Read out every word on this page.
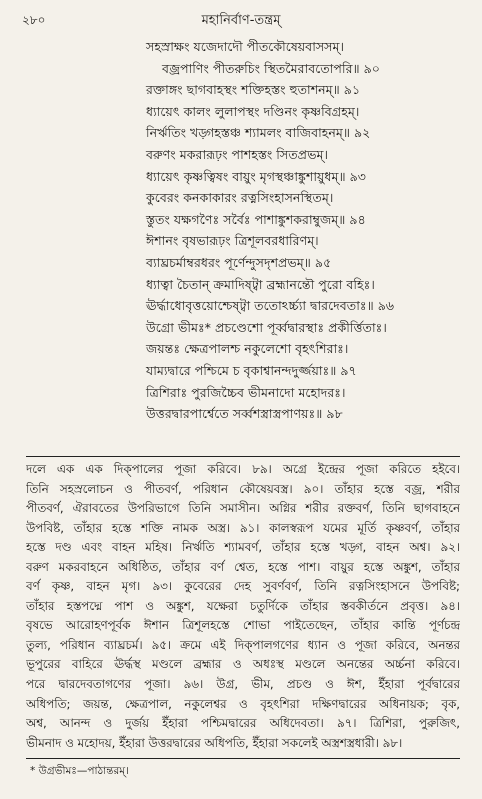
২৮০	মহানির্বাণ-তন্ত্রম্
সহস্রাক্ষং যজেদাদৌ পীতকৌষেয়বাসসম্।
বজ্রপাণিং পীতরুচিং স্থিতমৈরাবতোপরি॥ ৯০
রক্তাঙ্গং ছাগবাহস্থং শক্তিহস্তং হুতাশনম্॥ ৯১
ধ্যায়েৎ কালং লুলাপস্থং দণ্ডিনং কৃষ্ণবিগ্রহম্।
নির্ঋতিং খড়্গহস্তঞ্চ শ্যামলং বাজিবাহনম্॥ ৯২
বরুণং মকরারূঢ়ং পাশহস্তং সিতপ্রভম্।
ধ্যায়েৎ কৃষ্ণত্বিষং বায়ুং মৃগস্থঞ্চাঙ্কুশায়ুধম্॥ ৯৩
কুবেরং কনকাকারং রত্নসিংহাসনস্থিতম্।
স্তুতং যক্ষগণৈঃ সর্বৈঃ পাশাঙ্কুশকরাম্বুজম্॥ ৯৪
ঈশানং বৃষভারূঢ়ং ত্রিশূলবরধারিণম্।
ব্যাঘ্রচর্মাম্বরধরং পূর্ণেন্দুসদৃশপ্রভম্॥ ৯৫
ধ্যাত্বা চৈতান্ ক্রমাদিষ্ট্বা ব্রহ্মানন্তৌ পুরো বহিঃ।
ঊর্দ্ধাধোবৃত্তয়োশ্চেষ্ট্বা ততোঽর্চ্চ্যা দ্বারদেবতাঃ॥ ৯৬
উগ্রো ভীমঃ* প্রচণ্ডেশো পূর্ব্বদ্বারস্থাঃ প্রকীর্ত্তিতাঃ।
জয়ন্তঃ ক্ষেত্রপালশ্চ নকুলেশো বৃহৎশিরাঃ।
যাম্যদ্বারে পশ্চিমে চ বৃকাশ্বানন্দদুর্জ্জয়াঃ॥ ৯৭
ত্রিশিরাঃ পুরজিচ্চৈব ভীমনাদো মহোদরঃ।
উত্তরদ্বারপার্শ্বেতে সর্ব্বশস্ত্রাস্ত্রপাণয়ঃ॥ ৯৮
দলে এক এক দিক্‌পালের পূজা করিবে। ৮৯। অগ্রে ইন্দ্রের পূজা করিতে হইবে।
তিনি সহস্রলোচন ও পীতবর্ণ, পরিধান কৌষেয়বস্ত্র। ৯০। তাঁহার হস্তে বজ্র, শরীর
পীতবর্ণ, ঐরাবতের উপরিভাগে তিনি সমাসীন। অগ্নির শরীর রক্তবর্ণ, তিনি ছাগবাহনে
উপবিষ্ট, তাঁহার হস্তে শক্তি নামক অস্ত্র। ৯১। কালস্বরূপ যমের মূর্তি কৃষ্ণবর্ণ, তাঁহার
হস্তে দণ্ড এবং বাহন মহিষ। নির্ঋতি শ্যামবর্ণ, তাঁহার হস্তে খড়্গ, বাহন অশ্ব। ৯২।
বরুণ মকরবাহনে অধিষ্ঠিত, তাঁহার বর্ণ শ্বেত, হস্তে পাশ। বায়ুর হস্তে অঙ্কুশ, তাঁহার
বর্ণ কৃষ্ণ, বাহন মৃগ। ৯৩। কুবেরের দেহ সুবর্ণবর্ণ, তিনি রত্নসিংহাসনে উপবিষ্ট;
তাঁহার হস্তপদ্মে পাশ ও অঙ্কুশ, যক্ষেরা চতুর্দিকে তাঁহার স্তবকীর্তনে প্রবৃত্ত। ৯৪।
বৃষভে আরোহণপূর্বক ঈশান ত্রিশূলহস্তে শোভা পাইতেছেন, তাঁহার কান্তি পূর্ণচন্দ্র
তুল্য, পরিধান ব্যাঘ্রচর্ম। ৯৫। ক্রমে এই দিক্‌পালগণের ধ্যান ও পূজা করিবে, অনন্তর
ভূপুরের বাহিরে ঊর্দ্ধস্থ মণ্ডলে ব্রহ্মার ও অধঃস্থ মণ্ডলে অনন্তের অর্চ্চনা করিবে।
পরে দ্বারদেবতাগণের পূজা। ৯৬। উগ্র, ভীম, প্রচণ্ড ও ঈশ, ইঁহারা পূর্বদ্বারের
অধিপতি; জয়ন্ত, ক্ষেত্রপাল, নকুলেশ্বর ও বৃহৎশিরা দক্ষিণদ্বারের অধিনায়ক; বৃক,
অশ্ব, আনন্দ ও দুর্জয় ইঁহারা পশ্চিমদ্বারের অধিদেবতা। ৯৭। ত্রিশিরা, পুরুজিৎ,
ভীমনাদ ও মহোদয়, ইঁহারা উত্তরদ্বারের অধিপতি, ইঁহারা সকলেই অস্ত্রশস্ত্রধারী। ৯৮।
* উগ্রভীমঃ—পাঠান্তরম্।
